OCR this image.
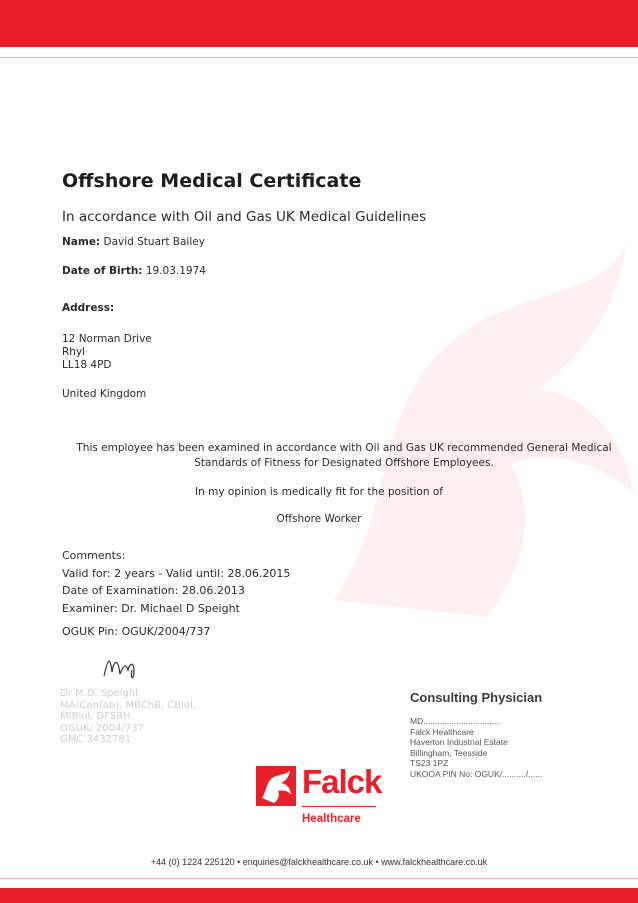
Offshore Medical Certificate
In accordance with Oil and Gas UK Medical Guidelines
Name: David Stuart Bailey
Date of Birth: 19.03.1974
Address:
12 Norman Drive
Rhyl
LL18 4PD
United Kingdom
This employee has been examined in accordance with Oil and Gas UK recommended General Medical Standards of Fitness for Designated Offshore Employees.
In my opinion is medically fit for the position of
Offshore Worker
Comments:
Valid for: 2 years - Valid until: 28.06.2015
Date of Examination: 28.06.2013
Examiner: Dr. Michael D Speight
OGUK Pin: OGUK/2004/737
Dr M.D. Speight
MA(Cantab), MBChB, CBiol,
MIBiol, DFSRH
OGUK/ 2004/737
GMC 3432781
Consulting Physician
MD.................................
Falck Healthcare
Haverton Industrial Estate
Billingham, Teesside
TS23 1PZ
UKOOA PIN No: OGUK/........../......
Falck
Healthcare
+44 (0) 1224 225120 • enquiries@falckhealthcare.co.uk • www.falckhealthcare.co.uk
